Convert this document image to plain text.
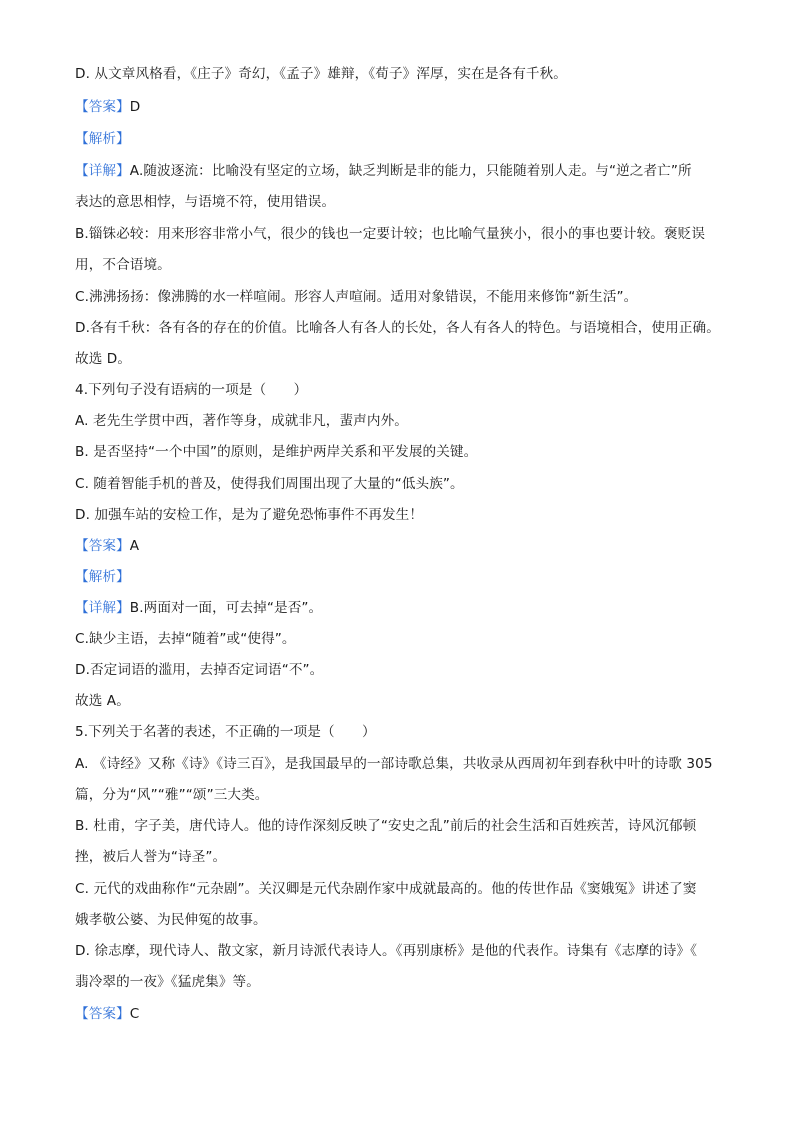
D. 从文章风格看，《庄子》奇幻，《孟子》雄辩，《荀子》浑厚，实在是各有千秋。
【答案】D
【解析】
【详解】A.随波逐流：比喻没有坚定的立场，缺乏判断是非的能力，只能随着别人走。与“逆之者亡”所
表达的意思相悖，与语境不符，使用错误。
B.锱铢必较：用来形容非常小气，很少的钱也一定要计较；也比喻气量狭小，很小的事也要计较。褒贬误
用，不合语境。
C.沸沸扬扬：像沸腾的水一样喧闹。形容人声喧闹。适用对象错误，不能用来修饰“新生活”。
D.各有千秋：各有各的存在的价值。比喻各人有各人的长处，各人有各人的特色。与语境相合，使用正确。
故选 D。
4.下列句子没有语病的一项是（　　）
A. 老先生学贯中西，著作等身，成就非凡，蜚声内外。
B. 是否坚持“一个中国”的原则，是维护两岸关系和平发展的关键。
C. 随着智能手机的普及，使得我们周围出现了大量的“低头族”。
D. 加强车站的安检工作，是为了避免恐怖事件不再发生！
【答案】A
【解析】
【详解】B.两面对一面，可去掉“是否”。
C.缺少主语，去掉“随着”或“使得”。
D.否定词语的滥用，去掉否定词语“不”。
故选 A。
5.下列关于名著的表述，不正确的一项是（　　）
A. 《诗经》又称《诗》《诗三百》，是我国最早的一部诗歌总集，共收录从西周初年到春秋中叶的诗歌 305
篇，分为“风”“雅”“颂”三大类。
B. 杜甫，字子美，唐代诗人。他的诗作深刻反映了“安史之乱”前后的社会生活和百姓疾苦，诗风沉郁顿
挫，被后人誉为“诗圣”。
C. 元代的戏曲称作“元杂剧”。关汉卿是元代杂剧作家中成就最高的。他的传世作品《窦娥冤》讲述了窦
娥孝敬公婆、为民伸冤的故事。
D. 徐志摩，现代诗人、散文家，新月诗派代表诗人。《再别康桥》是他的代表作。诗集有《志摩的诗》《
翡冷翠的一夜》《猛虎集》等。
【答案】C
